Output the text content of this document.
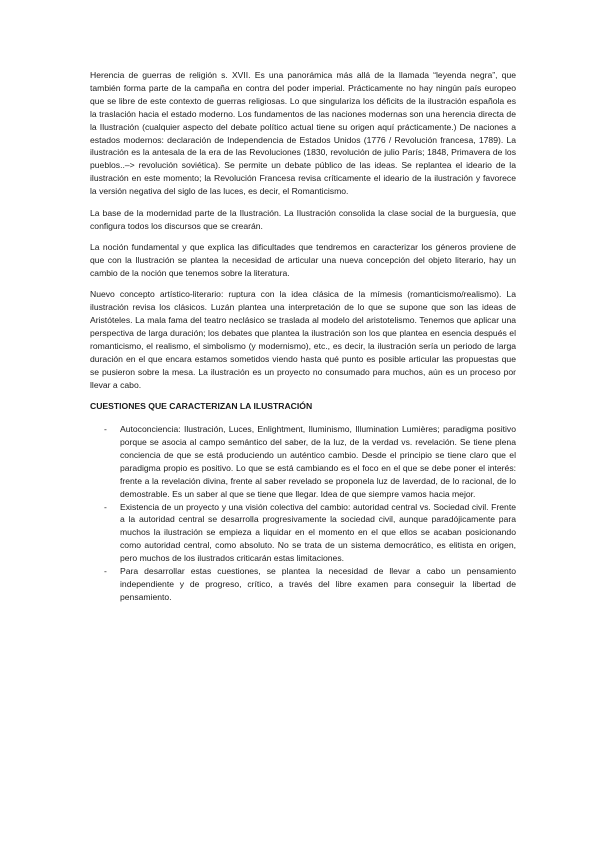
Herencia de guerras de religión s. XVII. Es una panorámica más allá de la llamada “leyenda negra”, que también forma parte de la campaña en contra del poder imperial. Prácticamente no hay ningún país europeo que se libre de este contexto de guerras religiosas. Lo que singulariza los déficits de la ilustración española es la traslación hacia el estado moderno. Los fundamentos de las naciones modernas son una herencia directa de la Ilustración (cualquier aspecto del debate político actual tiene su origen aquí prácticamente.) De naciones a estados modernos: declaración de Independencia de Estados Unidos (1776 / Revolución francesa, 1789). La ilustración es la antesala de la era de las Revoluciones (1830, revolución de julio París; 1848, Primavera de los pueblos..–> revolución soviética). Se permite un debate público de las ideas. Se replantea el ideario de la ilustración en este momento; la Revolución Francesa revisa críticamente el ideario de la ilustración y favorece la versión negativa del siglo de las luces, es decir, el Romanticismo.

La base de la modernidad parte de la Ilustración. La Ilustración consolida la clase social de la burguesía, que configura todos los discursos que se crearán.

La noción fundamental y que explica las dificultades que tendremos en caracterizar los géneros proviene de que con la Ilustración se plantea la necesidad de articular una nueva concepción del objeto literario, hay un cambio de la noción que tenemos sobre la literatura.

Nuevo concepto artístico-literario: ruptura con la idea clásica de la mímesis (romanticismo/realismo). La ilustración revisa los clásicos. Luzán plantea una interpretación de lo que se supone que son las ideas de Aristóteles. La mala fama del teatro neclásico se traslada al modelo del aristotelismo. Tenemos que aplicar una perspectiva de larga duración; los debates que plantea la ilustración son los que plantea en esencia después el romanticismo, el realismo, el simbolismo (y modernismo), etc., es decir, la ilustración sería un periodo de larga duración en el que encara estamos sometidos viendo hasta qué punto es posible articular las propuestas que se pusieron sobre la mesa. La ilustración es un proyecto no consumado para muchos, aún es un proceso por llevar a cabo.

CUESTIONES QUE CARACTERIZAN LA ILUSTRACIÓN
- Autoconciencia: Ilustración, Luces, Enlightment, Iluminismo, Illumination Lumières; paradigma positivo porque se asocia al campo semántico del saber, de la luz, de la verdad vs. revelación. Se tiene plena conciencia de que se está produciendo un auténtico cambio. Desde el principio se tiene claro que el paradigma propio es positivo. Lo que se está cambiando es el foco en el que se debe poner el interés: frente a la revelación divina, frente al saber revelado se proponela luz de laverdad, de lo racional, de lo demostrable. Es un saber al que se tiene que llegar. Idea de que siempre vamos hacia mejor.
- Existencia de un proyecto y una visión colectiva del cambio: autoridad central vs. Sociedad civil. Frente a la autoridad central se desarrolla progresivamente la sociedad civil, aunque paradójicamente para muchos la ilustración se empieza a liquidar en el momento en el que ellos se acaban posicionando como autoridad central, como absoluto. No se trata de un sistema democrático, es elitista en origen, pero muchos de los ilustrados criticarán estas limitaciones.
- Para desarrollar estas cuestiones, se plantea la necesidad de llevar a cabo un pensamiento independiente y de progreso, crítico, a través del libre examen para conseguir la libertad de pensamiento.
